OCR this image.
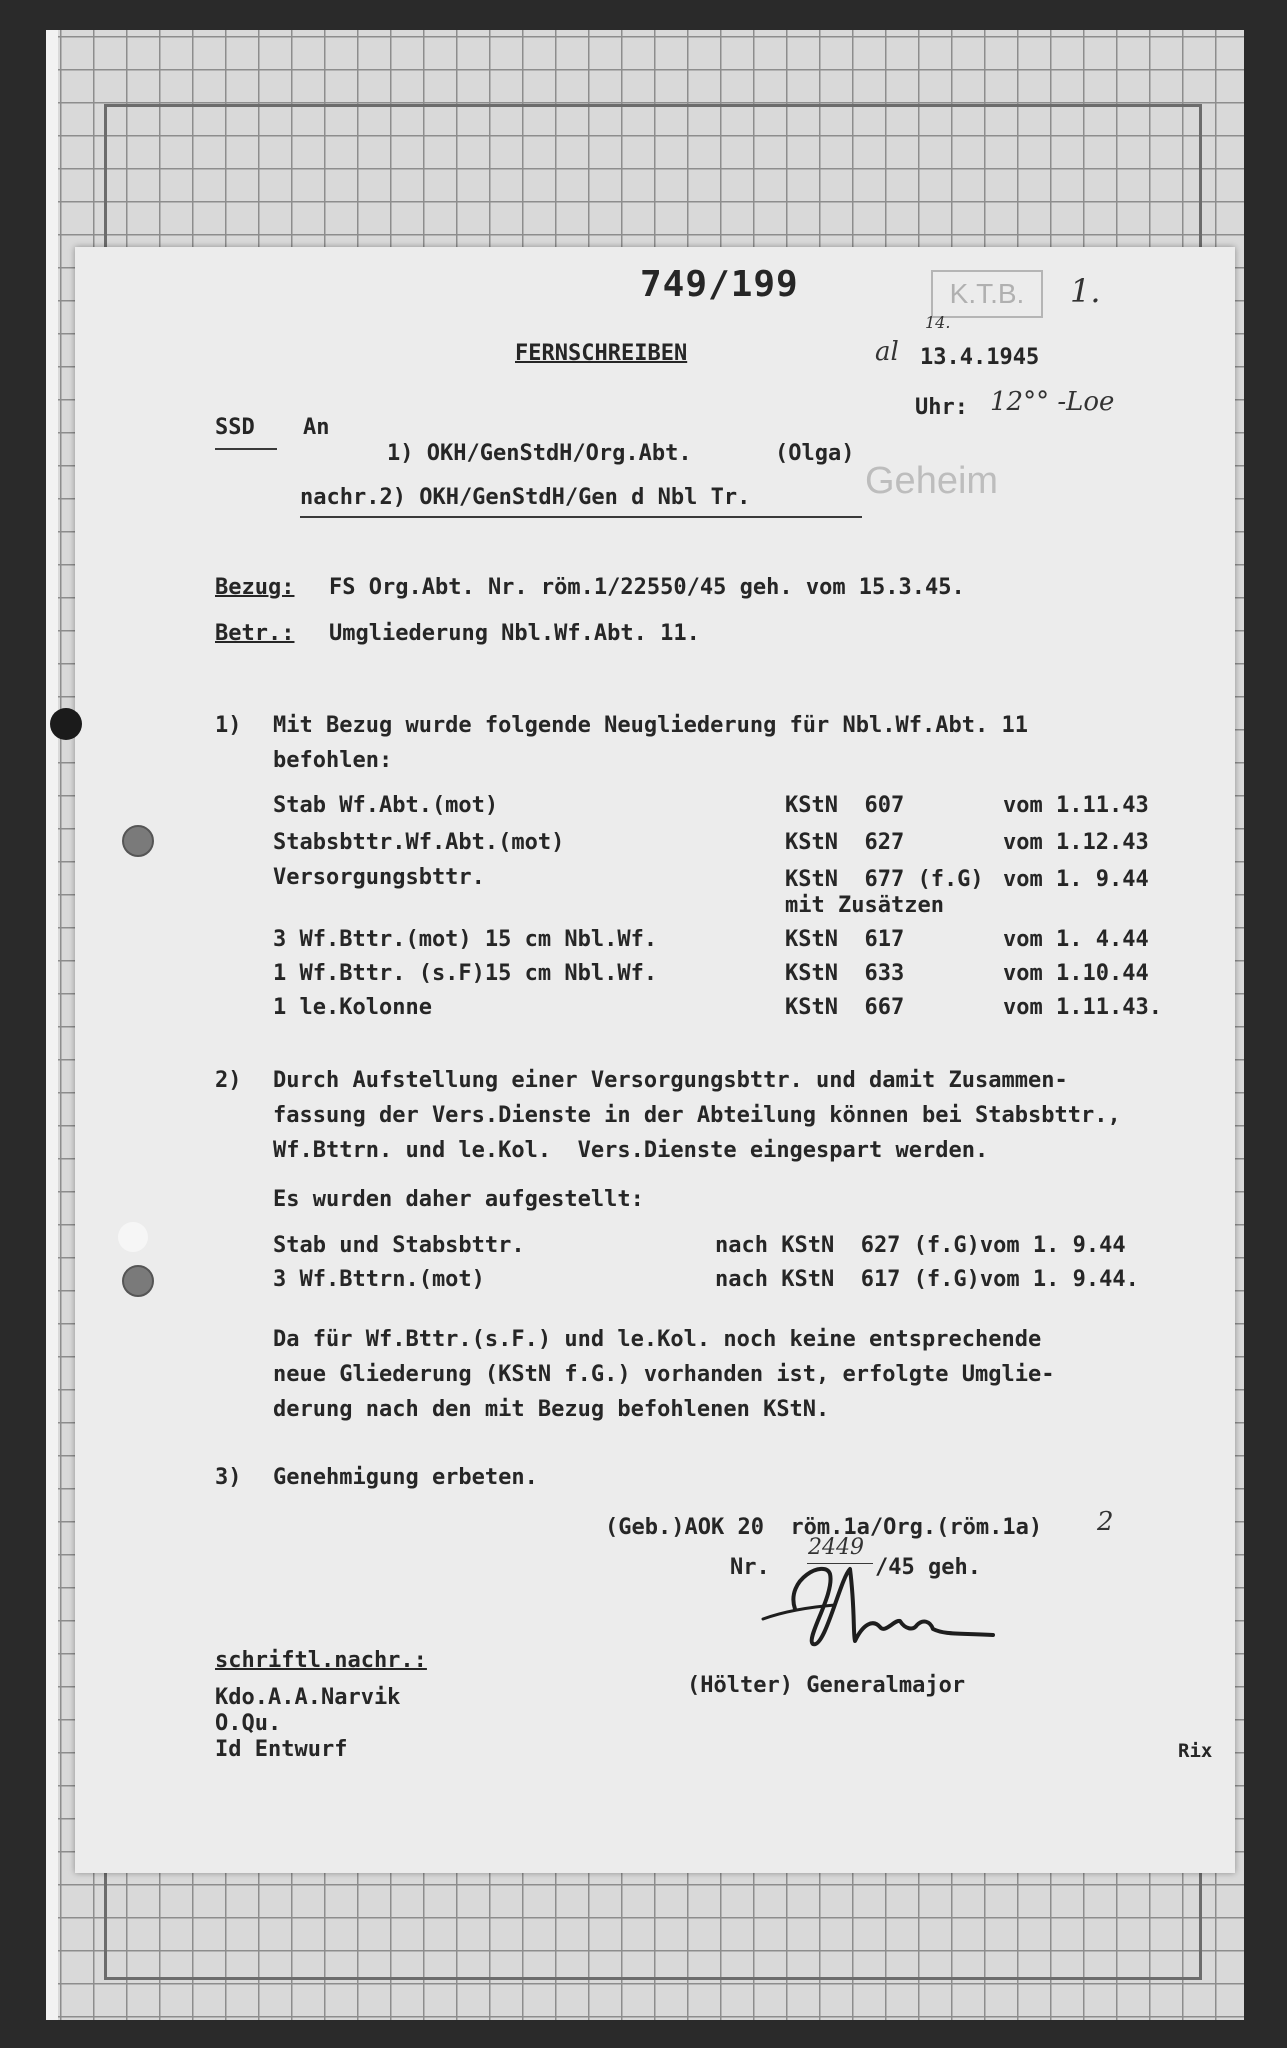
749/199	K.T.B.	1.
FERNSCHREIBEN	al
14.
13.4.1945
Uhr: 12°° -Loe
Geheim
SSD An
1) OKH/GenStdH/Org.Abt.	(Olga)
nachr.2) OKH/GenStdH/Gen d Nbl Tr.
Bezug: FS Org.Abt. Nr. röm.1/22550/45 geh. vom 15.3.45.
Betr.: Umgliederung Nbl.Wf.Abt. 11.
1) Mit Bezug wurde folgende Neugliederung für Nbl.Wf.Abt. 11
befohlen:
Stab Wf.Abt.(mot)	KStN  607	vom 1.11.43
Stabsbttr.Wf.Abt.(mot)	KStN  627	vom 1.12.43
Versorgungsbttr.	KStN  677 (f.G) vom 1. 9.44
mit Zusätzen
3 Wf.Bttr.(mot) 15 cm Nbl.Wf.	KStN  617	vom 1. 4.44
1 Wf.Bttr. (s.F)15 cm Nbl.Wf.	KStN  633	vom 1.10.44
1 le.Kolonne	KStN  667	vom 1.11.43.
2) Durch Aufstellung einer Versorgungsbttr. und damit Zusammen-
fassung der Vers.Dienste in der Abteilung können bei Stabsbttr.,
Wf.Bttrn. und le.Kol.  Vers.Dienste eingespart werden.
Es wurden daher aufgestellt:
Stab und Stabsbttr.	nach KStN  627 (f.G)vom 1. 9.44
3 Wf.Bttrn.(mot)	nach KStN  617 (f.G)vom 1. 9.44.
Da für Wf.Bttr.(s.F.) und le.Kol. noch keine entsprechende
neue Gliederung (KStN f.G.) vorhanden ist, erfolgte Umglie-
derung nach den mit Bezug befohlenen KStN.
3) Genehmigung erbeten.
(Geb.)AOK 20  röm.1a/Org.(röm.1a) 2
Nr.
2449
/45 geh.
(Hölter) Generalmajor
schriftl.nachr.:
Kdo.A.A.Narvik
O.Qu.
Id Entwurf	Rix
